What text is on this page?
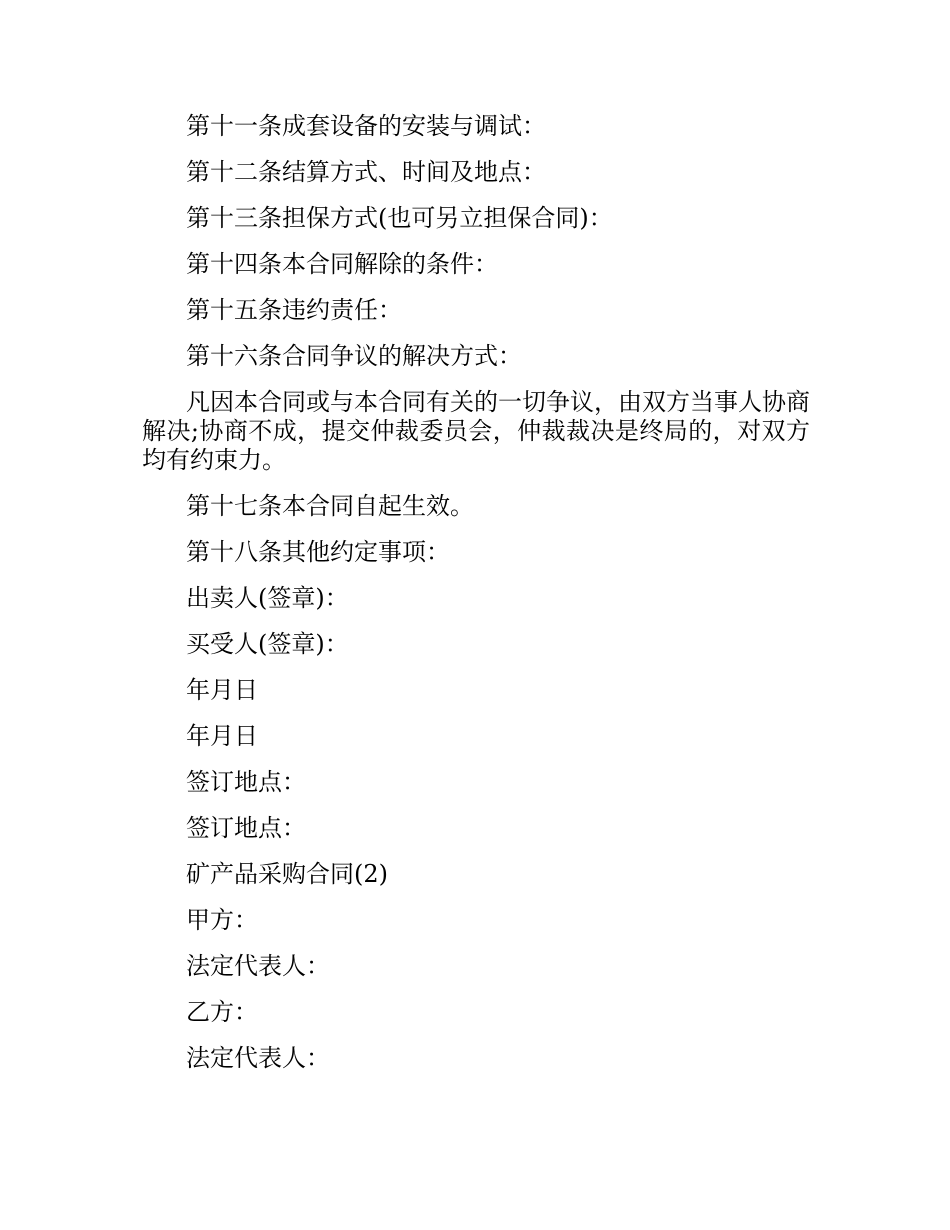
第十一条成套设备的安装与调试：

第十二条结算方式、时间及地点：

第十三条担保方式(也可另立担保合同)：

第十四条本合同解除的条件：

第十五条违约责任：

第十六条合同争议的解决方式：

凡因本合同或与本合同有关的一切争议，由双方当事人协商解决;协商不成，提交仲裁委员会，仲裁裁决是终局的，对双方均有约束力。

第十七条本合同自起生效。

第十八条其他约定事项：

出卖人(签章)：

买受人(签章)：

年月日

年月日

签订地点：

签订地点：

矿产品采购合同(2)

甲方：

法定代表人：

乙方：

法定代表人：
